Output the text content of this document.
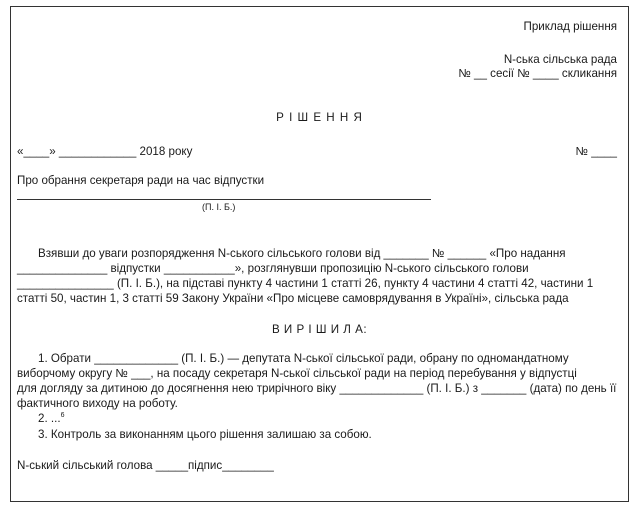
Приклад рішення
N-ська сільська рада
№ __ сесії № ____ скликання
Р І Ш Е Н Н Я
«____» ____________ 2018 року	№ ____
Про обрання секретаря ради на час відпустки
(П. І. Б.)
Взявши до уваги розпорядження N-ського сільського голови від _______ № ______ «Про надання
______________ відпустки ___________», розглянувши пропозицію N-ського сільського голови
_______________ (П. І. Б.), на підставі пункту 4 частини 1 статті 26, пункту 4 частини 4 статті 42, частини 1
статті 50, частин 1, 3 статті 59 Закону України «Про місцеве самоврядування в Україні», сільська рада
В И Р І Ш И Л А:
1. Обрати _____________ (П. І. Б.) — депутата N-ської сільської ради, обрану по одномандатному
виборчому округу № ___, на посаду секретаря N-ської сільської ради на період перебування у відпустці
для догляду за дитиною до досягнення нею трирічного віку _____________ (П. І. Б.) з _______ (дата) по день її
фактичного виходу на роботу.
2. ...$^6$
3. Контроль за виконанням цього рішення залишаю за собою.
N-ський сільський голова _____підпис________
